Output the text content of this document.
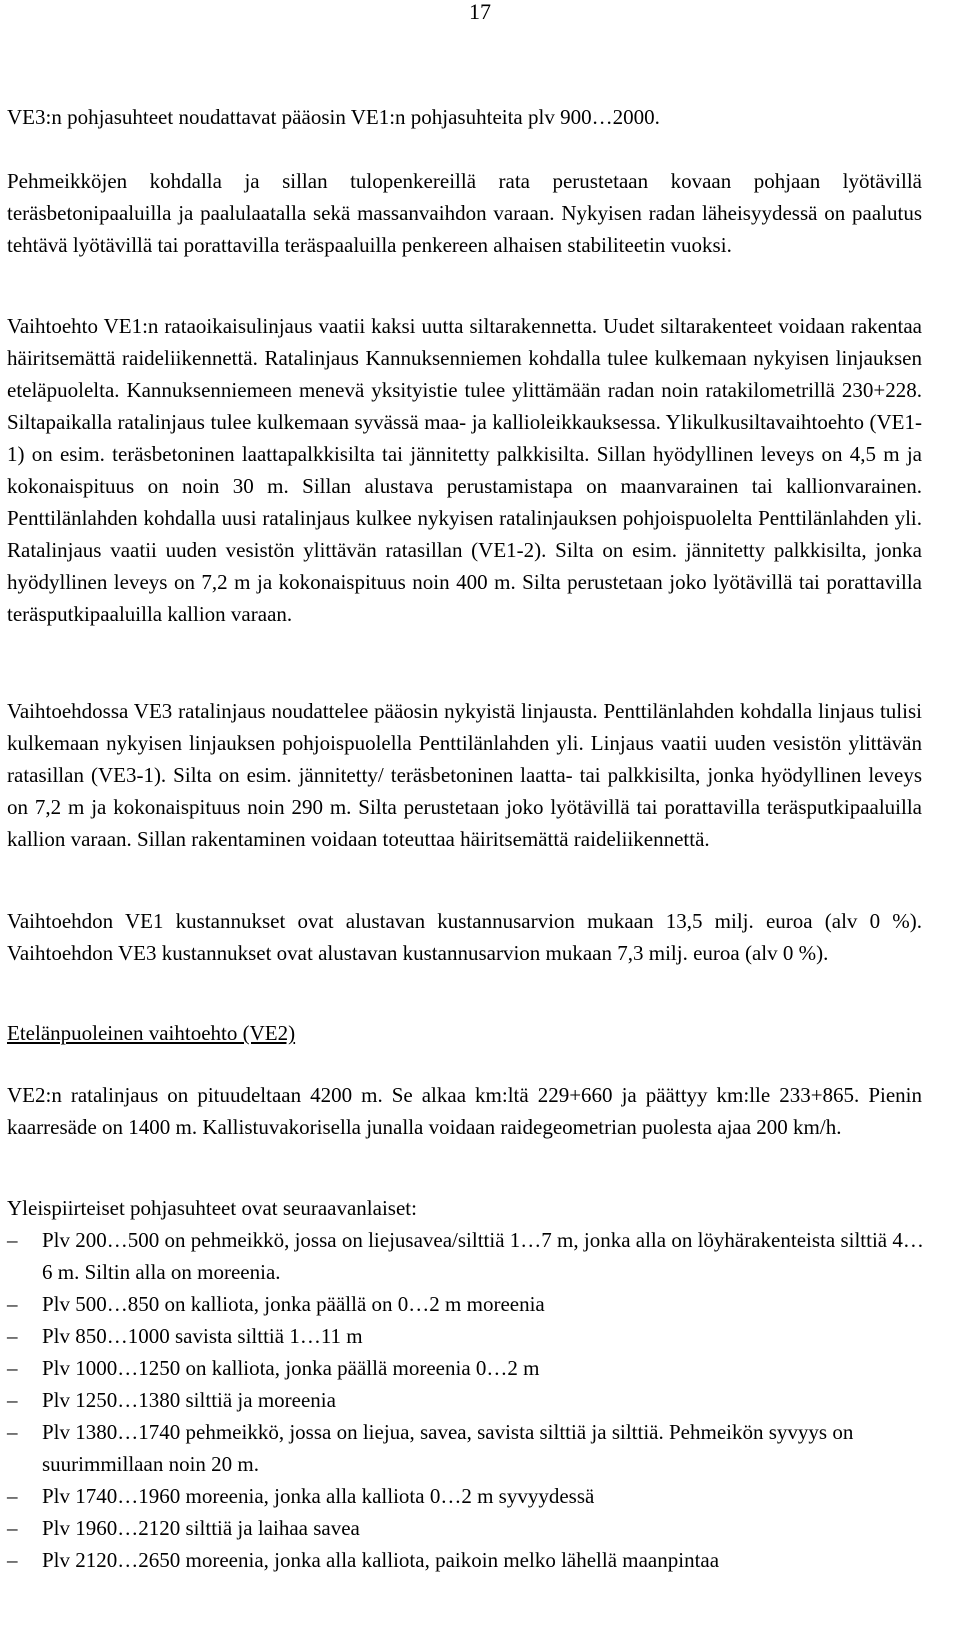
17

VE3:n pohjasuhteet noudattavat pääosin VE1:n pohjasuhteita plv 900…2000.

Pehmeikköjen kohdalla ja sillan tulopenkereillä rata perustetaan kovaan pohjaan lyötävillä teräsbetonipaaluilla ja paalulaatalla sekä massanvaihdon varaan. Nykyisen radan läheisyydessä on paalutus tehtävä lyötävillä tai porattavilla teräspaaluilla penkereen alhaisen stabiliteetin vuoksi.

Vaihtoehto VE1:n rataoikaisulinjaus vaatii kaksi uutta siltarakennetta. Uudet siltarakenteet voidaan rakentaa häiritsemättä raideliikennettä. Ratalinjaus Kannuksenniemen kohdalla tulee kulkemaan nykyisen linjauksen eteläpuolelta. Kannuksenniemeen menevä yksityistie tulee ylittämään radan noin ratakilometrillä 230+228. Siltapaikalla ratalinjaus tulee kulkemaan syvässä maa- ja kallioleikkauksessa. Ylikulkusiltavaihtoehto (VE1-1) on esim. teräsbetoninen laattapalkkisilta tai jännitetty palkkisilta. Sillan hyödyllinen leveys on 4,5 m ja kokonaispituus on noin 30 m. Sillan alustava perustamistapa on maanvarainen tai kallionvarainen. Penttilänlahden kohdalla uusi ratalinjaus kulkee nykyisen ratalinjauksen pohjoispuolelta Penttilänlahden yli. Ratalinjaus vaatii uuden vesistön ylittävän ratasillan (VE1-2). Silta on esim. jännitetty palkkisilta, jonka hyödyllinen leveys on 7,2 m ja kokonaispituus noin 400 m. Silta perustetaan joko lyötävillä tai porattavilla teräsputkipaaluilla kallion varaan.

Vaihtoehdossa VE3 ratalinjaus noudattelee pääosin nykyistä linjausta. Penttilänlahden kohdalla linjaus tulisi kulkemaan nykyisen linjauksen pohjoispuolella Penttilänlahden yli. Linjaus vaatii uuden vesistön ylittävän ratasillan (VE3-1). Silta on esim. jännitetty/ teräsbetoninen laatta- tai palkkisilta, jonka hyödyllinen leveys on 7,2 m ja kokonaispituus noin 290 m. Silta perustetaan joko lyötävillä tai porattavilla teräsputkipaaluilla kallion varaan. Sillan rakentaminen voidaan toteuttaa häiritsemättä raideliikennettä.

Vaihtoehdon VE1 kustannukset ovat alustavan kustannusarvion mukaan 13,5 milj. euroa (alv 0 %). Vaihtoehdon VE3 kustannukset ovat alustavan kustannusarvion mukaan 7,3 milj. euroa (alv 0 %).

Etelänpuoleinen vaihtoehto (VE2)

VE2:n ratalinjaus on pituudeltaan 4200 m. Se alkaa km:ltä 229+660 ja päättyy km:lle 233+865. Pienin kaarresäde on 1400 m. Kallistuvakorisella junalla voidaan raidegeometrian puolesta ajaa 200 km/h.

Yleispiirteiset pohjasuhteet ovat seuraavanlaiset:

– Plv 200…500 on pehmeikkö, jossa on liejusavea/silttiä 1…7 m, jonka alla on löyhärakenteista silttiä 4…6 m. Siltin alla on moreenia.
– Plv 500…850 on kalliota, jonka päällä on 0…2 m moreenia
– Plv 850…1000 savista silttiä 1…11 m
– Plv 1000…1250 on kalliota, jonka päällä moreenia 0…2 m
– Plv 1250…1380 silttiä ja moreenia
– Plv 1380…1740 pehmeikkö, jossa on liejua, savea, savista silttiä ja silttiä. Pehmeikön syvyys on suurimmillaan noin 20 m.
– Plv 1740…1960 moreenia, jonka alla kalliota 0…2 m syvyydessä
– Plv 1960…2120 silttiä ja laihaa savea
– Plv 2120…2650 moreenia, jonka alla kalliota, paikoin melko lähellä maanpintaa
